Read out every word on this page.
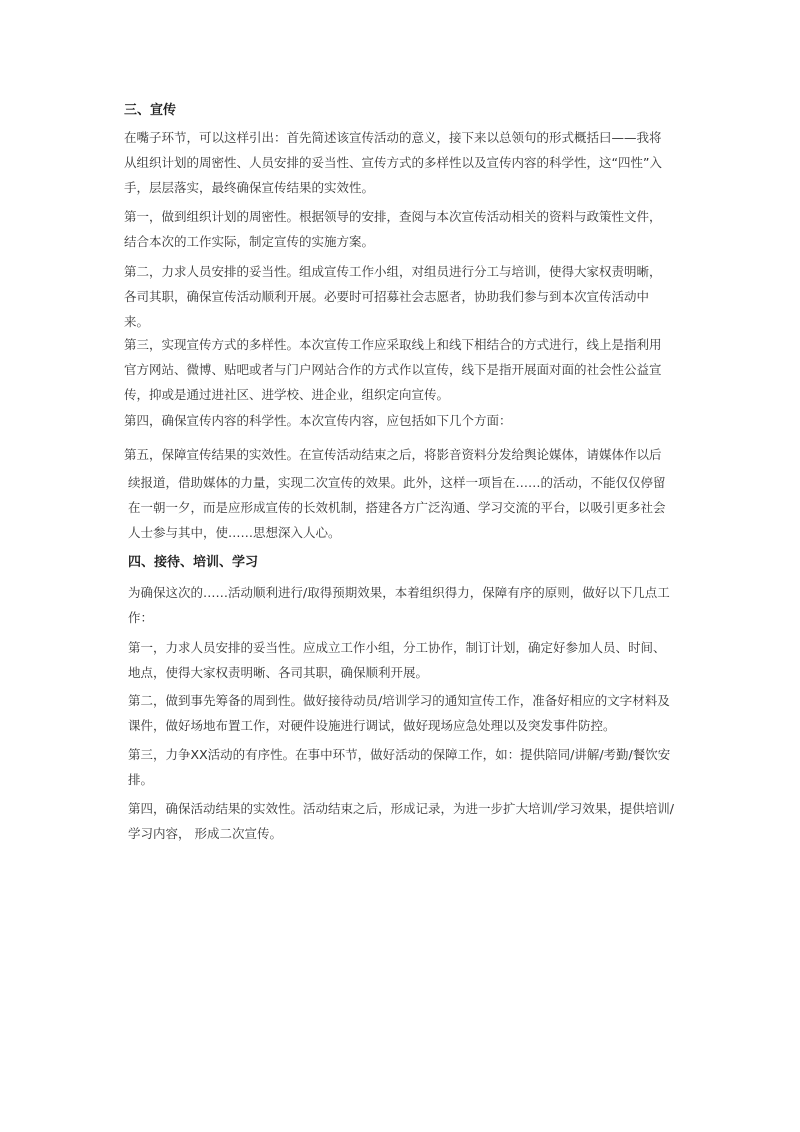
三、宣传
在嘴子环节，可以这样引出：首先简述该宣传活动的意义，接下来以总领句的形式概括曰——我将
从组织计划的周密性、人员安排的妥当性、宣传方式的多样性以及宣传内容的科学性，这“四性”入
手，层层落实，最终确保宣传结果的实效性。
第一，做到组织计划的周密性。根据领导的安排，查阅与本次宣传活动相关的资料与政策性文件，
结合本次的工作实际，制定宣传的实施方案。
第二，力求人员安排的妥当性。组成宣传工作小组，对组员进行分工与培训，使得大家权责明晰，
各司其职，确保宣传活动顺利开展。必要时可招募社会志愿者，协助我们参与到本次宣传活动中
来。
第三，实现宣传方式的多样性。本次宣传工作应采取线上和线下相结合的方式进行，线上是指利用
官方网站、微博、贴吧或者与门户网站合作的方式作以宣传，线下是指开展面对面的社会性公益宣
传，抑或是通过进社区、进学校、进企业，组织定向宣传。
第四，确保宣传内容的科学性。本次宣传内容，应包括如下几个方面：
第五，保障宣传结果的实效性。在宣传活动结束之后，将影音资料分发给舆论媒体，请媒体作以后
续报道，借助媒体的力量，实现二次宣传的效果。此外，这样一项旨在……的活动，不能仅仅停留
在一朝一夕，而是应形成宣传的长效机制，搭建各方广泛沟通、学习交流的平台，以吸引更多社会
人士参与其中，使……思想深入人心。
四、接待、培训、学习
为确保这次的……活动顺利进行/取得预期效果，本着组织得力，保障有序的原则，做好以下几点工
作：
第一，力求人员安排的妥当性。应成立工作小组，分工协作，制订计划，确定好参加人员、时间、
地点，使得大家权责明晰、各司其职，确保顺利开展。
第二，做到事先筹备的周到性。做好接待动员/培训学习的通知宣传工作，准备好相应的文字材料及
课件，做好场地布置工作，对硬件设施进行调试，做好现场应急处理以及突发事件防控。
第三，力争XX活动的有序性。在事中环节，做好活动的保障工作，如：提供陪同/讲解/考勤/餐饮安
排。
第四，确保活动结果的实效性。活动结束之后，形成记录，为进一步扩大培训/学习效果，提供培训/
学习内容， 形成二次宣传。
